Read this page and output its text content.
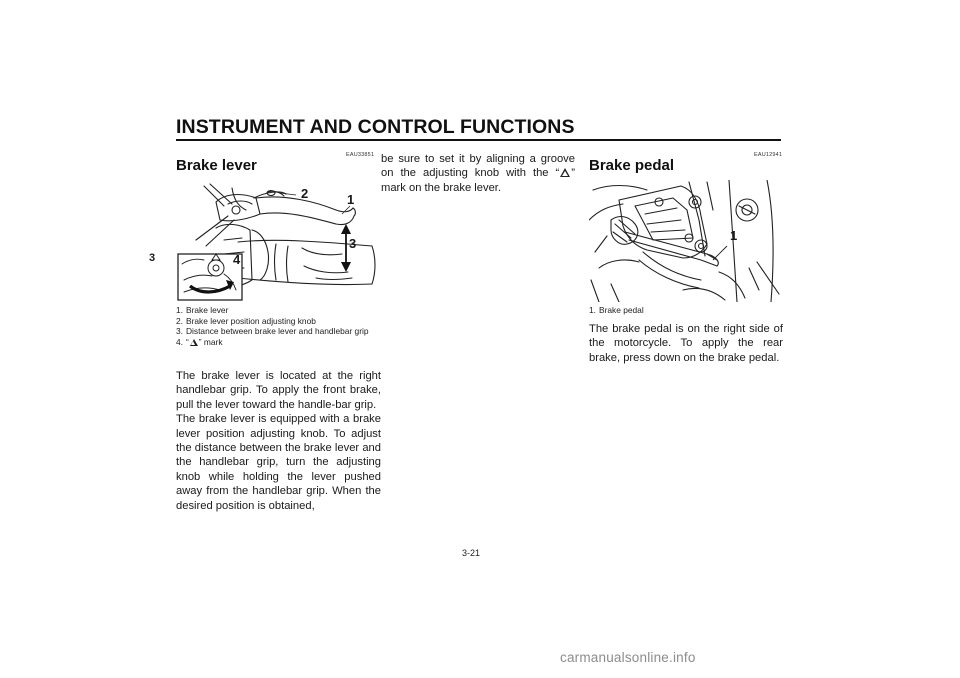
INSTRUMENT AND CONTROL FUNCTIONS
3
EAU33851
Brake lever
2	1
3
4
1. Brake lever
2. Brake lever position adjusting knob
3. Distance between brake lever and handlebar grip
4. “ ” mark

The brake lever is located at the right handlebar grip. To apply the front brake, pull the lever toward the handle-bar grip.

The brake lever is equipped with a brake lever position adjusting knob. To adjust the distance between the brake lever and the handlebar grip, turn the adjusting knob while holding the lever pushed away from the handlebar grip. When the desired position is obtained,

be sure to set it by aligning a groove on the adjusting knob with the “ ” mark on the brake lever.

EAU12941
Brake pedal
1
1. Brake pedal

The brake pedal is on the right side of the motorcycle. To apply the rear brake, press down on the brake pedal.

3-21
carmanualsonline.info
